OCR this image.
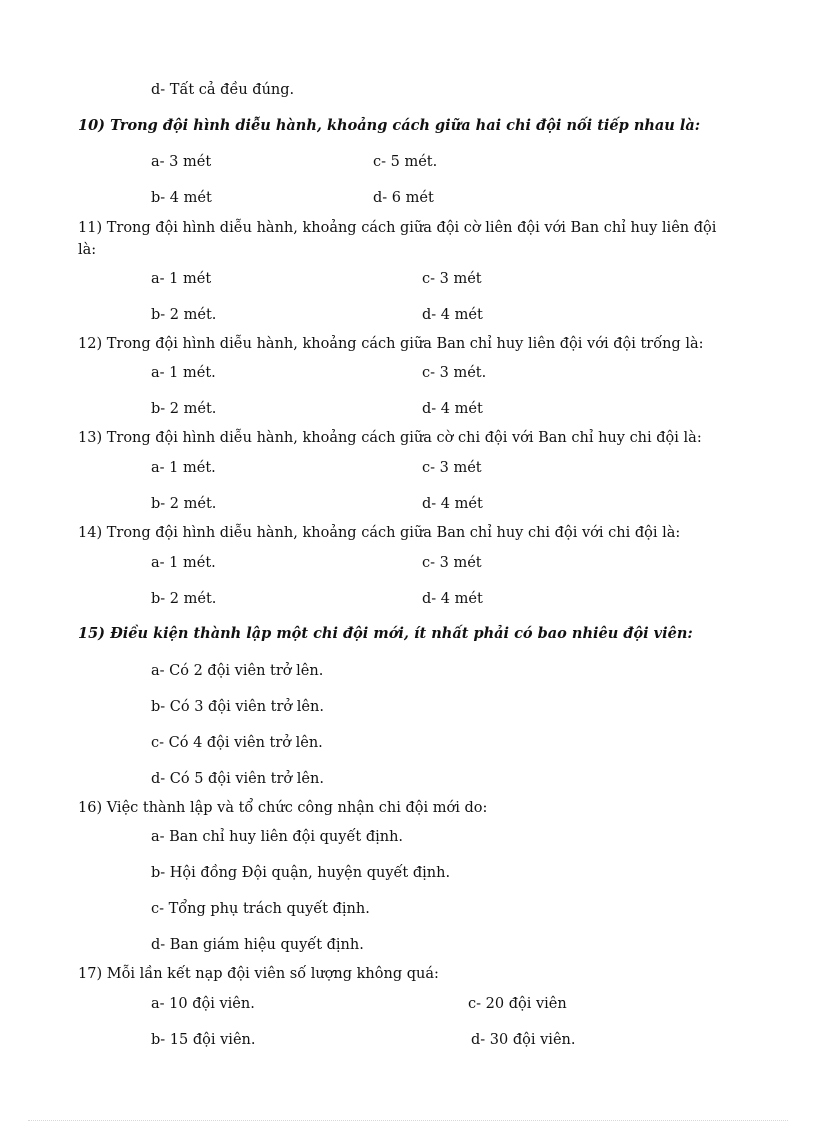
d- Tất cả đều đúng.
10) Trong đội hình diễu hành, khoảng cách giữa hai chi đội nối tiếp nhau là:
a- 3 mét	c- 5 mét.
b- 4 mét	d- 6 mét
11) Trong đội hình diễu hành, khoảng cách giữa đội cờ liên đội với Ban chỉ huy liên đội là:
a- 1 mét	c- 3 mét
b- 2 mét.	d- 4 mét
12) Trong đội hình diễu hành, khoảng cách giữa Ban chỉ huy liên đội với đội trống là:
a- 1 mét.	c- 3 mét.
b- 2 mét.	d- 4 mét
13) Trong đội hình diễu hành, khoảng cách giữa cờ chi đội với Ban chỉ huy chi đội là:
a- 1 mét.	c- 3 mét
b- 2 mét.	d- 4 mét
14) Trong đội hình diễu hành, khoảng cách giữa Ban chỉ huy chi đội với chi đội là:
a- 1 mét.	c- 3 mét
b- 2 mét.	d- 4 mét
15) Điều kiện thành lập một chi đội mới, ít nhất phải có bao nhiêu đội viên:
a- Có 2 đội viên trở lên.
b- Có 3 đội viên trở lên.
c- Có 4 đội viên trở lên.
d- Có 5 đội viên trở lên.
16) Việc thành lập và tổ chức công nhận chi đội mới do:
a- Ban chỉ huy liên đội quyết định.
b- Hội đồng Đội quận, huyện quyết định.
c- Tổng phụ trách quyết định.
d- Ban giám hiệu quyết định.
17) Mỗi lần kết nạp đội viên số lượng không quá:
a- 10 đội viên.	c- 20 đội viên
b- 15 đội viên.	d- 30 đội viên.
